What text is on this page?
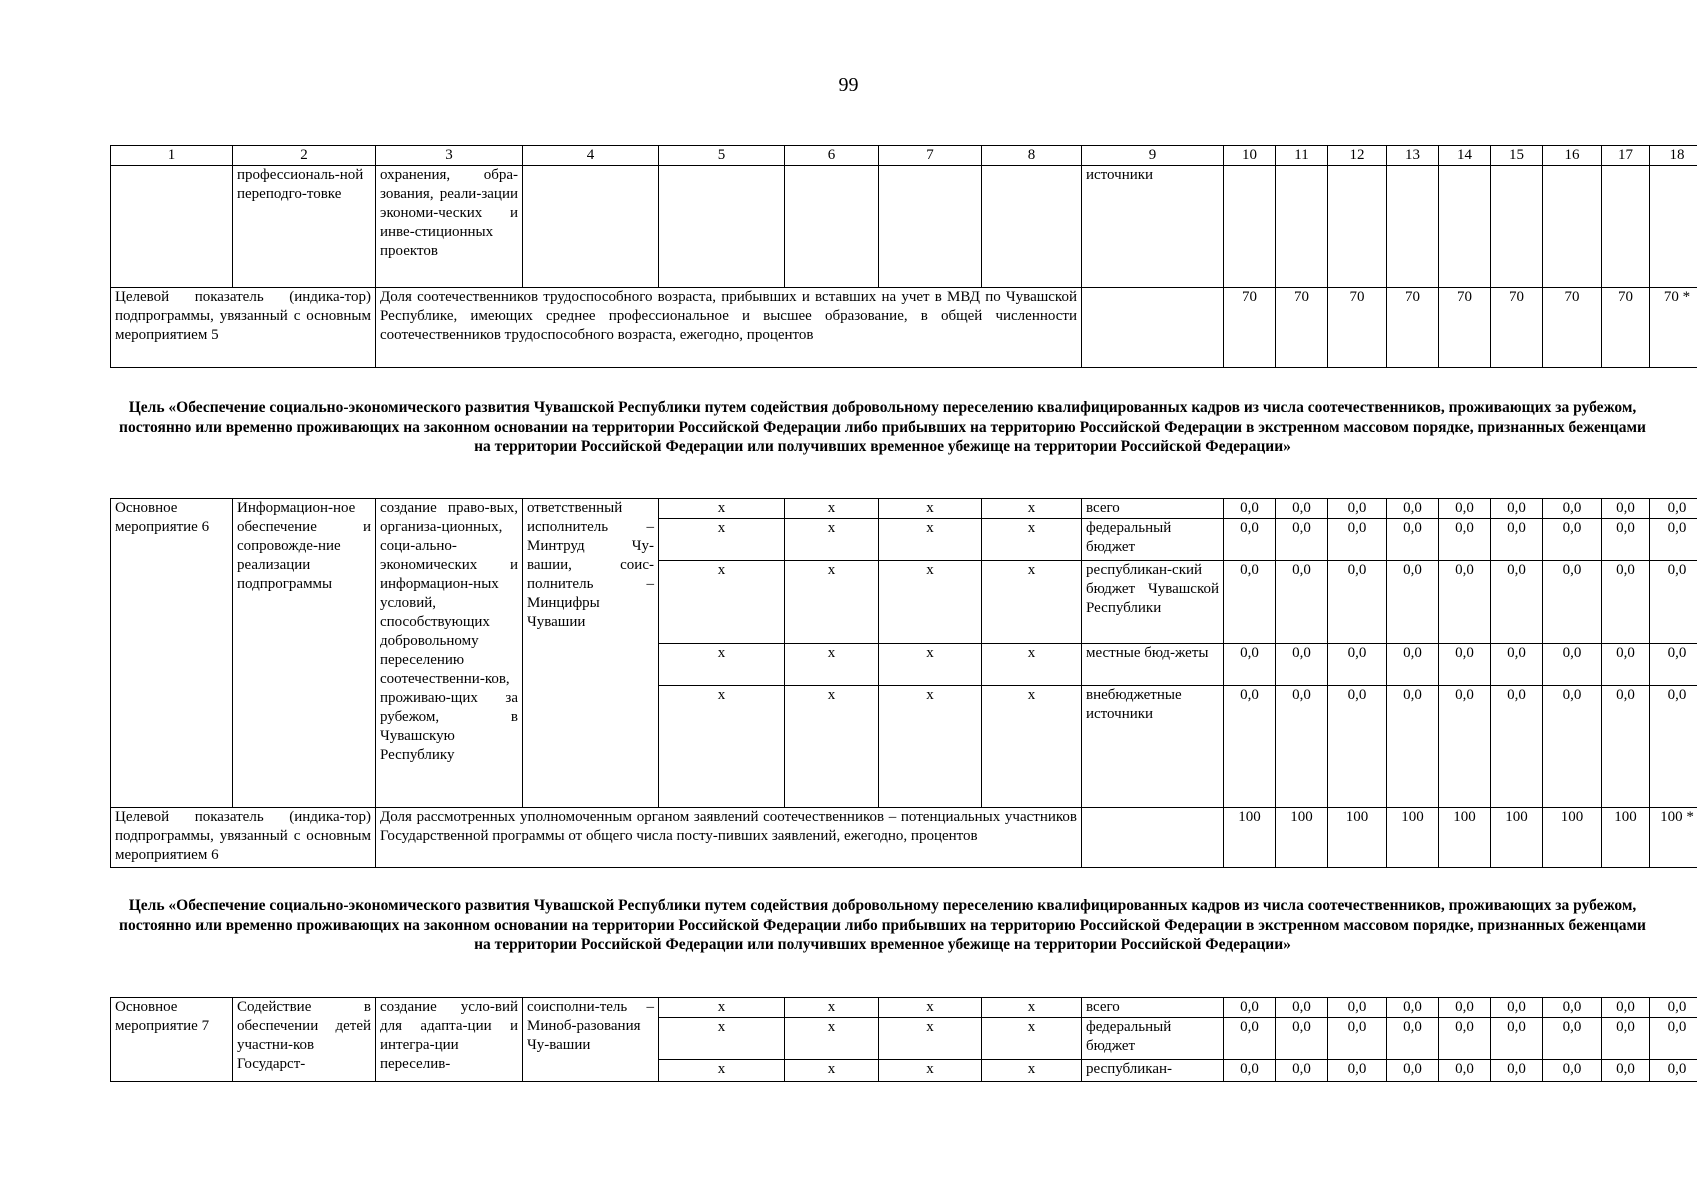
99
1	2	3	4	5	6	7	8	9	10	11	12	13	14	15	16	17	18
	профессиональ-ной переподго-товке	охранения, обра-зования, реали-зации экономи-ческих и инве-стиционных проектов						источники									
Целевой показатель (индика-тор) подпрограммы, увязанный с основным мероприятием 5		Доля соотечественников трудоспособного возраста, прибывших и вставших на учет в МВД по Чувашской Республике, имеющих среднее профессиональное и высшее образование, в общей численности соотечественников трудоспособного возраста, ежегодно, процентов							70	70	70	70	70	70	70	70	70 *
Цель «Обеспечение социально-экономического развития Чувашской Республики путем содействия добровольному переселению квалифицированных кадров из числа соотечественников, проживающих за рубежом, постоянно или временно проживающих на законном основании на территории Российской Федерации либо прибывших на территорию Российской Федерации в экстренном массовом порядке, признанных беженцами на территории Российской Федерации или получивших временное убежище на территории Российской Федерации»
Основное мероприятие 6	Информацион-ное обеспечение и сопровожде-ние реализации подпрограммы	создание право-вых, организа-ционных, соци-ально-экономических и информацион-ных условий, способствующих добровольному переселению соотечественни-ков, проживаю-щих за рубежом, в Чувашскую Республику	ответственный исполнитель – Минтруд Чу-вашии, соис-полнитель – Минцифры Чувашии	x	x	x	x	всего	0,0	0,0	0,0	0,0	0,0	0,0	0,0	0,0	0,0
				x	x	x	x	федеральный бюджет	0,0	0,0	0,0	0,0	0,0	0,0	0,0	0,0	0,0
				x	x	x	x	республикан-ский бюджет Чувашской Республики	0,0	0,0	0,0	0,0	0,0	0,0	0,0	0,0	0,0
				x	x	x	x	местные бюд-жеты	0,0	0,0	0,0	0,0	0,0	0,0	0,0	0,0	0,0
				x	x	x	x	внебюджетные источники	0,0	0,0	0,0	0,0	0,0	0,0	0,0	0,0	0,0
Целевой показатель (индика-тор) подпрограммы, увязанный с основным мероприятием 6		Доля рассмотренных уполномоченным органом заявлений соотечественников – потенциальных участников Государственной программы от общего числа посту-пивших заявлений, ежегодно, процентов							100	100	100	100	100	100	100	100	100 *
Цель «Обеспечение социально-экономического развития Чувашской Республики путем содействия добровольному переселению квалифицированных кадров из числа соотечественников, проживающих за рубежом, постоянно или временно проживающих на законном основании на территории Российской Федерации либо прибывших на территорию Российской Федерации в экстренном массовом порядке, признанных беженцами на территории Российской Федерации или получивших временное убежище на территории Российской Федерации»
Основное мероприятие 7	Содействие в обеспечении детей участни-ков Государст-	создание усло-вий для адапта-ции и интегра-ции переселив-	соисполни-тель – Миноб-разования Чу-вашии	x	x	x	x	всего	0,0	0,0	0,0	0,0	0,0	0,0	0,0	0,0	0,0
				x	x	x	x	федеральный бюджет	0,0	0,0	0,0	0,0	0,0	0,0	0,0	0,0	0,0
				x	x	x	x	республикан-	0,0	0,0	0,0	0,0	0,0	0,0	0,0	0,0	0,0
